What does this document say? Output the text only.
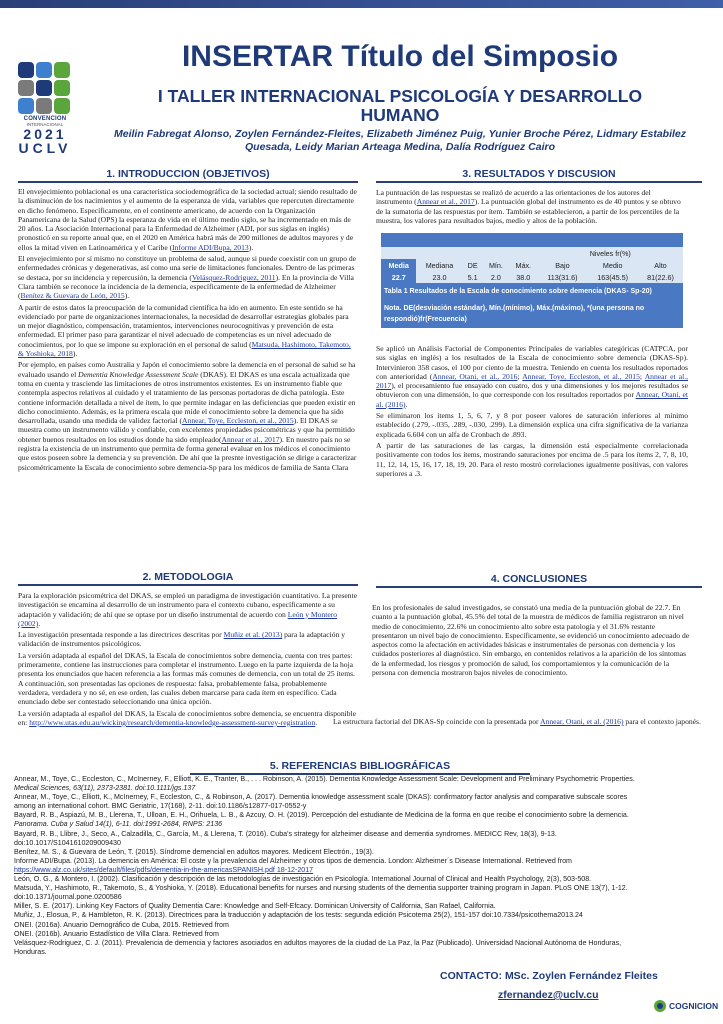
CONVENCION
INTERNACIONAL
2021
UCLV
INSERTAR Título del Simposio
I TALLER INTERNACIONAL PSICOLOGÍA Y DESARROLLO HUMANO
Meilin Fabregat Alonso, Zoylen Fernández-Fleites, Elizabeth Jiménez Puig, Yunier Broche Pérez, Lidmary Estabilez Quesada, Leidy Marian Arteaga Medina, Dalía Rodríguez Cairo
1. INTRODUCCION (OBJETIVOS)

El envejecimiento poblacional es una característica sociodemográfica de la sociedad actual; siendo resultado de la disminución de los nacimientos y el aumento de la esperanza de vida, variables que repercuten directamente en dicho fenómeno. Específicamente, en el continente americano, de acuerdo con la Organización Panamericana de la Salud (OPS) la esperanza de vida en el último medio siglo, se ha incrementado en más de 20 años. La Asociación Internacional para la Enfermedad de Alzheimer (ADI, por sus siglas en inglés) pronosticó en su reporte anual que, en el 2020 en América habrá más de 200 millones de adultos mayores y de ellos la mitad viven en Latinoamérica y el Caribe (Informe ADI/Bupa, 2013).

El envejecimiento por sí mismo no constituye un problema de salud, aunque si puede coexistir con un grupo de enfermedades crónicas y degenerativas, así como una serie de limitaciones funcionales. Dentro de las primeras se destaca, por su incidencia y repercusión, la demencia (Velásquez-Rodriguez, 2011). En la provincia de Villa Clara también se reconoce la incidencia de la demencia, específicamente de la enfermedad de Alzheimer (Benítez & Guevara de León, 2015).

A partir de estos datos la preocupación de la comunidad científica ha ido en aumento. En este sentido se ha evidenciado por parte de organizaciones internacionales, la necesidad de desarrollar estrategias globales para un mejor diagnóstico, compensación, tratamientos, intervenciones neurocognitivas y prevención de esta enfermedad. El primer paso para garantizar el nivel adecuado de competencias es un nivel adecuado de conocimientos, por lo que se impone su exploración en el personal de salud (Matsuda, Hashimoto, Takemoto, & Yoshioka, 2018).

Por ejemplo, en países como Australia y Japón el conocimiento sobre la demencia en el personal de salud se ha evaluado usando el Dementia Knowledge Assessment Scale (DKAS). El DKAS es una escala actualizada que toma en cuenta y trasciende las limitaciones de otros instrumentos existentes. Es un instrumento fiable que contempla aspectos relativos al cuidado y el tratamiento de las personas portadoras de dicha patología. Este contiene información detallada a nivel de ítem, lo que permite indagar en las deficiencias que pueden existir en dicho conocimiento. Además, es la primera escala que mide el conocimiento sobre la demencia que ha sido desarrollada, usando una medida de validez factorial (Annear, Toye, Eccleston, et al., 2015). El DKAS se muestra como un instrumento válido y confiable, con excelentes propiedades psicométricas y que ha permitido obtener buenos resultados en los estudios donde ha sido empleado(Annear et al., 2017). En nuestro país no se registra la existencia de un instrumento que permita de forma general evaluar en los médicos el conocimiento que estos poseen sobre la demencia y su prevención. De ahí que la presnte investigación se dirige a caracterizar psicométricamente la Escala de conocimiento sobre demencia-Sp para los médicos de familia de Santa Clara

2. METODOLOGIA

Para la exploración psicométrica del DKAS, se empleó un paradigma de investigación cuantitativo. La presente investigación se encamina al desarrollo de un instrumento para el contexto cubano, específicamente a su adaptación y validación; de ahí que se optase por un diseño instrumental de acuerdo con León y Montero (2002).

La investigación presentada responde a las directrices descritas por Muñiz et al. (2013) para la adaptación y validación de instrumentos psicológicos.

La versión adaptada al español del DKAS, la Escala de conocimientos sobre demencia, cuenta con tres partes: primeramente, contiene las instrucciones para completar el instrumento. Luego en la parte izquierda de la hoja presenta los enunciados que hacen referencia a las formas más comunes de demencia, con un total de 25 ítems. A continuación, son presentadas las opciones de respuesta: falsa, probablemente falsa, probablemente verdadera, verdadera y no sé, en ese orden, las cuales deben marcarse para cada ítem en específico. Cada enunciado debe ser contestado seleccionando una única opción.

La versión adaptada al español del DKAS, la Escala de conocimientos sobre demencia, se encuentra disponible en: http://www.utas.edu.au/wicking/research/dementia-knowledge-assessment-survey-registration.

3. RESULTADOS Y DISCUSION

La puntuación de las respuestas se realizó de acuerdo a las orientaciones de los autores del instrumento (Annear et al., 2017). La puntuación global del instrumento es de 40 puntos y se obtuvo de la sumatoria de las respuestas por ítem. También se establecieron, a partir de los percentiles de la muestra, los valores para resultados bajos, medio y altos de la población.

					Niveles fr(%)		
Media	Mediana	DE	Mín.	Máx.	Bajo	Medio	Alto
22.7	23.0	5.1	2.0	38.0	113(31.6)	163(45.5)	81(22.6)
Tabla 1 Resultados de la Escala de conocimiento sobre demencia (DKAS- Sp-20)							
Nota. DE(desviación estándar), Mín.(mínimo), Máx.(máximo), *(una persona no respondió)fr(Frecuencia)							

Se aplicó un Análisis Factorial de Componentes Principales de variables categóricas (CATPCA, por sus siglas en inglés) a los resultados de la Escala de conocimiento sobre demencia (DKAS-Sp). Intervinieron 358 casos, el 100 por ciento de la muestra. Teniendo en cuenta los resultados reportados con anterioridad (Annear, Otani, et al., 2016; Annear, Toye, Eccleston, et al., 2015; Annear et al., 2017), el procesamiento fue ensayado con cuatro, dos y una dimensiones y los mejores resultados se obtuvieron con una dimensión, lo que corresponde con los resultados reportados por Annear, Otani, et al. (2016).

Se eliminaron los ítems 1, 5, 6, 7, y 8 por poseer valores de saturación inferiores al mínimo establecido (.279, -.035, .289, -.030, .299). La dimensión explica una cifra significativa de la varianza explicada 6.604 con un alfa de Cronbach de .893.

A partir de las saturaciones de las cargas, la dimensión está especialmente correlacionada positivamente con todos los ítems, mostrando saturaciones por encima de .5 para los ítems 2, 7, 8, 10, 11, 12, 14, 15, 16, 17, 18, 19, 20. Para el resto mostró correlaciones igualmente positivas, con valores superiores a .3.

4. CONCLUSIONES

En los profesionales de salud investigados, se constató una media de la puntuación global de 22.7. En cuanto a la puntuación global, 45.5% del total de la muestra de médicos de familia registraron un nivel medio de conocimiento, 22.6% un conocimiento alto sobre esta patología y el 31.6% restante presentaron un nivel bajo de conocimiento. Específicamente, se evidenció un conocimiento adecuado de aspectos como la afectación en actividades básicas e instrumentales de personas con demencia y los cuidados posteriores al diagnóstico. Sin embargo, en contenidos relativos a la aparición de los síntomas de la enfermedad, los riesgos y promoción de salud, los comportamientos y la comunicación de la persona con demencia mostraron bajos niveles de conocimiento.

La estructura factorial del DKAS-Sp coincide con la presentada por Annear, Otani, et al. (2016) para el contexto japonés.
5. REFERENCIAS BIBLIOGRÁFICAS
Annear, M., Toye, C., Eccleston, C., McInerney, F., Elliott, K. E., Tranter, B., . . . Robinson, A. (2015). Dementia Knowledge Assessment Scale: Development and Preliminary Psychometric Properties.
Medical Sciences, 63(11), 2373-2381. doi:10.1111/jgs.137
Annear, M., Toye, C., Elliott, K., McInerney, F., Eccleston, C., & Robinson, A. (2017). Dementia knowledge assessment scale (DKAS): confirmatory factor analysis and comparative subscale scores
among an international cohort. BMC Geriatric, 17(168), 2-11. doi:10.1186/s12877-017-0552-y
Bayard, R. B., Aspiazú, M. B., Llerena, T., Ulloan, E. H., Orihuela, L. B., & Azcuy, O. H. (2019). Percepción del estudiante de Medicina de la forma en que recibe el conocimiento sobre la demencia.
Panorama. Cuba y Salud 14(1), 6-11. doi:1991-2684, RNPS: 2136
Bayard, R. B., Llibre, J., Seco, A., Calzadilla, C., García, M., & Llerena, T. (2016). Cuba's strategy for alzheimer disease and dementia syndromes. MEDICC Rev, 18(3), 9-13.
doi:10.1017/S1041610209009430
Benítez, M. S., & Guevara de León, T. (2015). Síndrome demencial en adultos mayores. Medicent Electrón., 19(3).
Informe ADI/Bupa. (2013). La demencia en América: El coste y la prevalencia del Alzheimer y otros tipos de demencia. London: Alzheimer´s Disease International. Retrieved from
https://www.alz.co.uk/sites/default/files/pdfs/dementia-in-the-americasSPANISH.pdf 18-12-2017
León, O. G., & Montero, I. (2002). Clasificación y descripción de las metodologías de investigación en Psicología. International Journal of Clinical and Health Psychology, 2(3), 503-508.
Matsuda, Y., Hashimoto, R., Takemoto, S., & Yoshioka, Y. (2018). Educational benefits for nurses and nursing students of the dementia supporter training program in Japan. PLoS ONE 13(7), 1-12.
doi:10.1371/journal.pone.0200586
Miller, S. E. (2017). Linking Key Factors of Quality Dementia Care: Knowledge and Self-Efcacy. Dominican University of California, San Rafael, California.
Muñiz, J., Elosua, P., & Hambleton, R. K. (2013). Directrices para la traducción y adaptación de los tests: segunda edición Psicotema 25(2), 151-157 doi:10.7334/psicothema2013.24
ONEI. (2016a). Anuario Demográfico de Cuba, 2015. Retrieved from
ONEI. (2016b). Anuario Estadístico de Villa Clara. Retrieved from
Velásquez-Rodriguez, C. J. (2011). Prevalencia de demencia y factores asociados en adultos mayores de la ciudad de La Paz, la Paz (Publicado). Universidad Nacional Autónoma de Honduras,
Honduras.
CONTACTO: MSc. Zoylen Fernández Fleites
zfernandez@uclv.cu
COGNICION
